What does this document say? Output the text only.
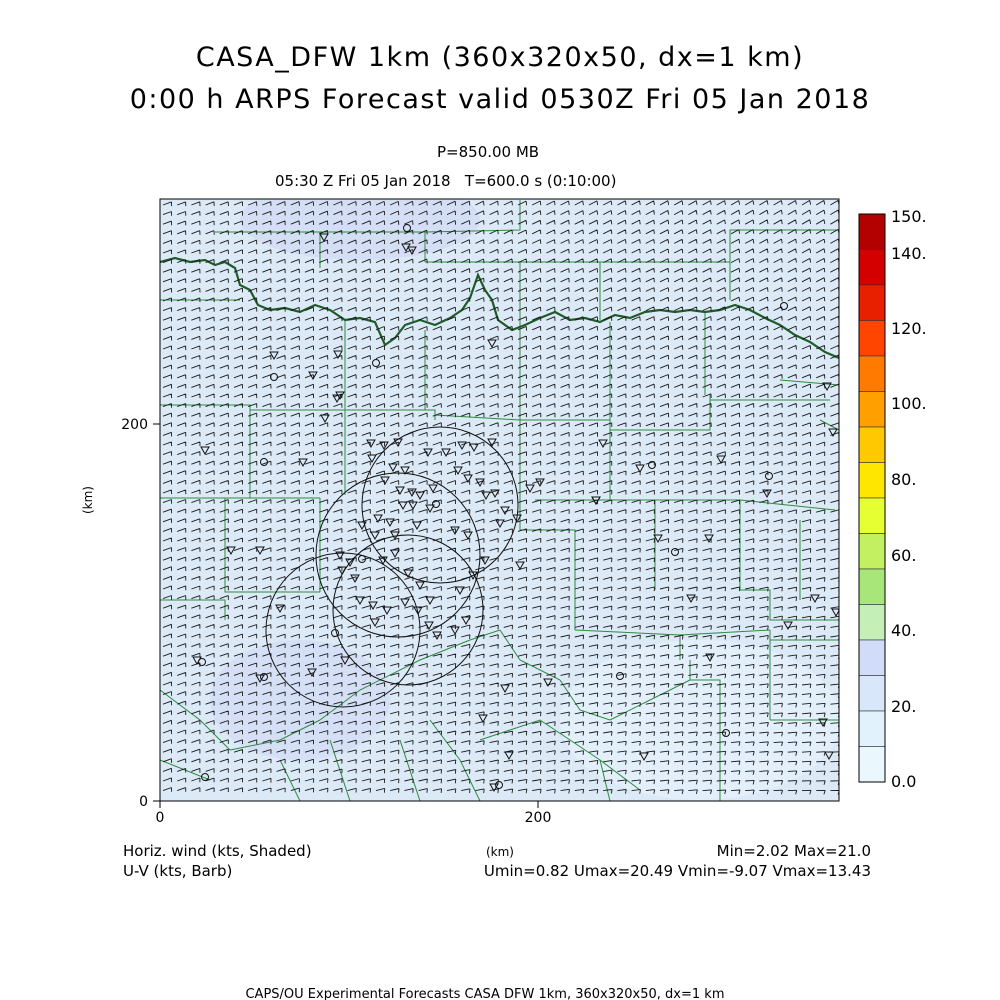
CASA_DFW 1km (360x320x50, dx=1 km)
0:00 h ARPS Forecast valid 0530Z Fri 05 Jan 2018
P=850.00 MB
05:30 Z Fri 05 Jan 2018   T=600.0 s (0:10:00)
0	200
0
200
(km)
(km)
150.
140.
120.
100.
80.
60.
40.
20.
0.0
Horiz. wind (kts, Shaded)
U-V (kts, Barb)
Min=2.02 Max=21.0
Umin=0.82 Umax=20.49 Vmin=-9.07 Vmax=13.43
CAPS/OU Experimental Forecasts CASA DFW 1km, 360x320x50, dx=1 km
